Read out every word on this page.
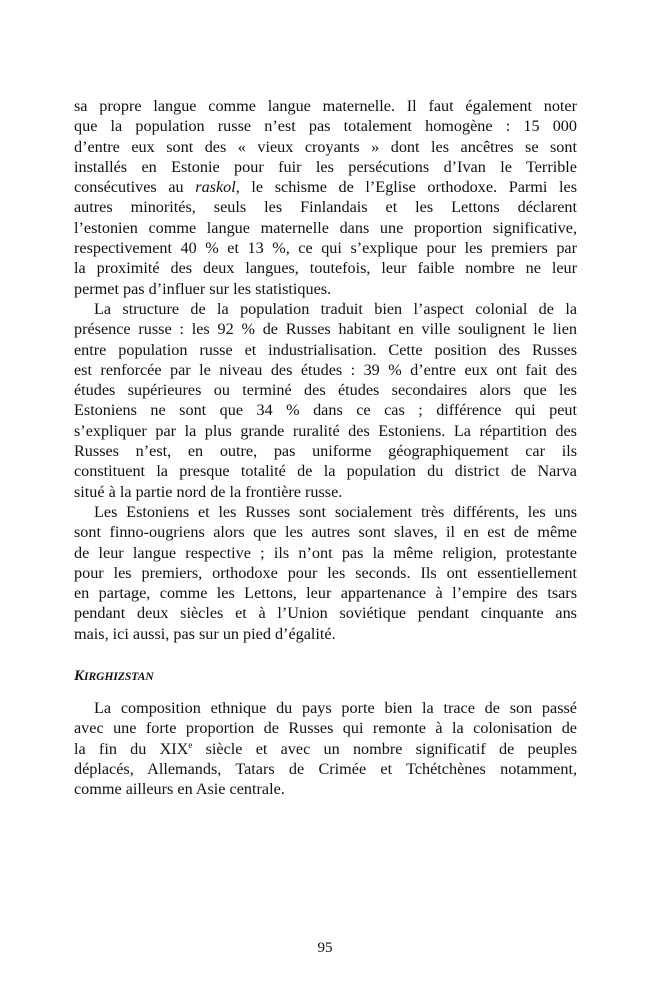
sa propre langue comme langue maternelle. Il faut également noter
que la population russe n’est pas totalement homogène : 15 000
d’entre eux sont des « vieux croyants » dont les ancêtres se sont
installés en Estonie pour fuir les persécutions d’Ivan le Terrible
consécutives au raskol, le schisme de l’Eglise orthodoxe. Parmi les
autres minorités, seuls les Finlandais et les Lettons déclarent
l’estonien comme langue maternelle dans une proportion significative,
respectivement 40 % et 13 %, ce qui s’explique pour les premiers par
la proximité des deux langues, toutefois, leur faible nombre ne leur
permet pas d’influer sur les statistiques.
La structure de la population traduit bien l’aspect colonial de la
présence russe : les 92 % de Russes habitant en ville soulignent le lien
entre population russe et industrialisation. Cette position des Russes
est renforcée par le niveau des études : 39 % d’entre eux ont fait des
études supérieures ou terminé des études secondaires alors que les
Estoniens ne sont que 34 % dans ce cas ; différence qui peut
s’expliquer par la plus grande ruralité des Estoniens. La répartition des
Russes n’est, en outre, pas uniforme géographiquement car ils
constituent la presque totalité de la population du district de Narva
situé à la partie nord de la frontière russe.
Les Estoniens et les Russes sont socialement très différents, les uns
sont finno-ougriens alors que les autres sont slaves, il en est de même
de leur langue respective ; ils n’ont pas la même religion, protestante
pour les premiers, orthodoxe pour les seconds. Ils ont essentiellement
en partage, comme les Lettons, leur appartenance à l’empire des tsars
pendant deux siècles et à l’Union soviétique pendant cinquante ans
mais, ici aussi, pas sur un pied d’égalité.
KIRGHIZSTAN
La composition ethnique du pays porte bien la trace de son passé
avec une forte proportion de Russes qui remonte à la colonisation de
la fin du XIXe siècle et avec un nombre significatif de peuples
déplacés, Allemands, Tatars de Crimée et Tchétchènes notamment,
comme ailleurs en Asie centrale.
95
